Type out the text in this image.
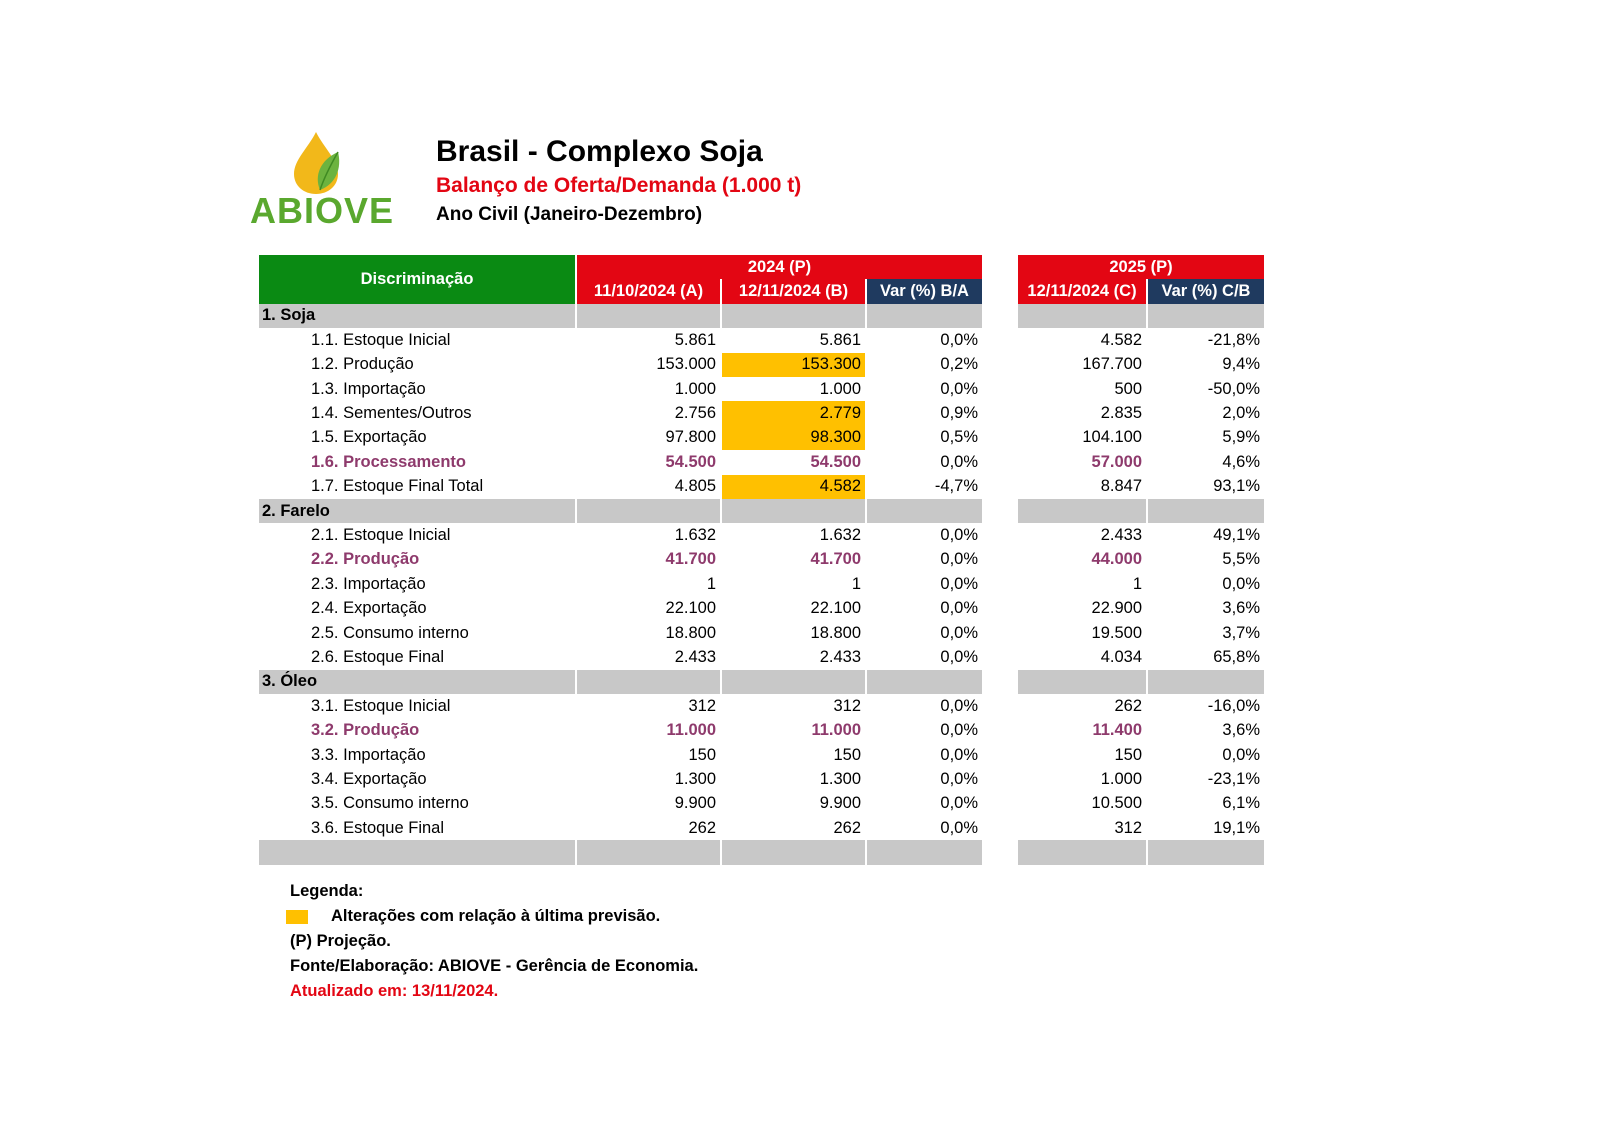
ABIOVE
Brasil - Complexo Soja
Balanço de Oferta/Demanda (1.000 t)
Ano Civil (Janeiro-Dezembro)
Discriminação	2024 (P)				2025 (P)	
	11/10/2024 (A)	12/11/2024 (B)	Var (%) B/A		12/11/2024 (C)	Var (%) C/B
1. Soja						
1.1. Estoque Inicial	5.861	5.861	0,0%		4.582	-21,8%
1.2. Produção	153.000	153.300	0,2%		167.700	9,4%
1.3. Importação	1.000	1.000	0,0%		500	-50,0%
1.4. Sementes/Outros	2.756	2.779	0,9%		2.835	2,0%
1.5. Exportação	97.800	98.300	0,5%		104.100	5,9%
1.6. Processamento	54.500	54.500	0,0%		57.000	4,6%
1.7. Estoque Final Total	4.805	4.582	-4,7%		8.847	93,1%
2. Farelo						
2.1. Estoque Inicial	1.632	1.632	0,0%		2.433	49,1%
2.2. Produção	41.700	41.700	0,0%		44.000	5,5%
2.3. Importação	1	1	0,0%		1	0,0%
2.4. Exportação	22.100	22.100	0,0%		22.900	3,6%
2.5. Consumo interno	18.800	18.800	0,0%		19.500	3,7%
2.6. Estoque Final	2.433	2.433	0,0%		4.034	65,8%
3. Óleo						
3.1. Estoque Inicial	312	312	0,0%		262	-16,0%
3.2. Produção	11.000	11.000	0,0%		11.400	3,6%
3.3. Importação	150	150	0,0%		150	0,0%
3.4. Exportação	1.300	1.300	0,0%		1.000	-23,1%
3.5. Consumo interno	9.900	9.900	0,0%		10.500	6,1%
3.6. Estoque Final	262	262	0,0%		312	19,1%

Legenda:
Alterações com relação à última previsão.
(P) Projeção.
Fonte/Elaboração: ABIOVE - Gerência de Economia.
Atualizado em: 13/11/2024.
